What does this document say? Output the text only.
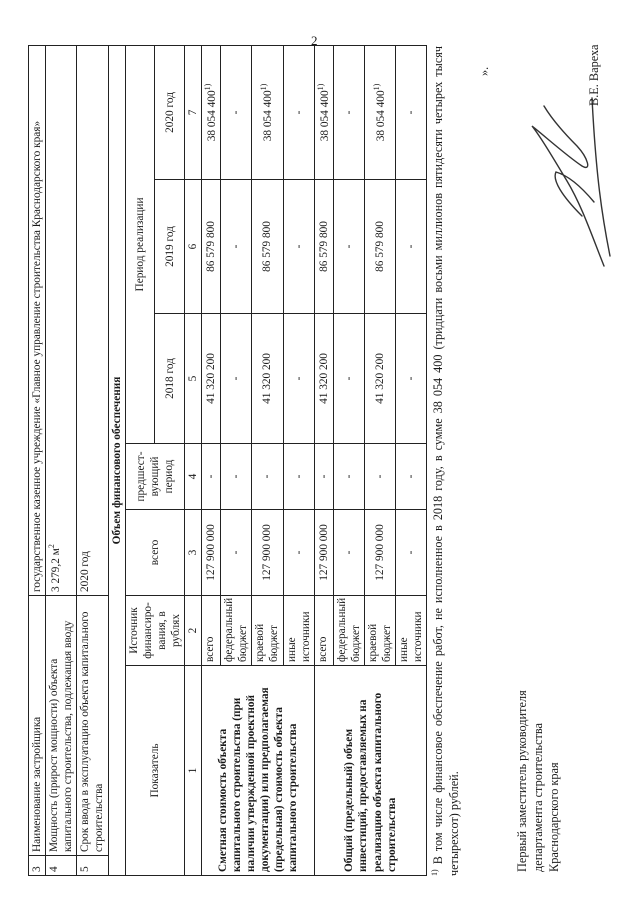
2
3	Наименование застройщика		государственное казенное учреждение «Главное управление строительства Краснодарского края»				
4	Мощность (прирост мощности) объекта капитального строительства, подлежащая вводу		3 279,2 $м^2$
5	Срок ввода в эксплуатацию объекта капитального строительства		2020 год				
Объем финансового обеспечения							
Показатель		Источник финансиро-вания, в рублях	всего	предшест-вующий период	Период реализации		
					2018 год	2019 год	2020 год
1		2	3	4	5	6	7
Сметная стоимость объекта капитального строительства (при наличии утвержденной проектной документации) или предполагаемая (предельная) стоимость объекта капитального строительства		всего	127 900 000	-	41 320 200	86 579 800	38 054 400$^{1)}$
		федеральный бюджет	-	-	-	-	-
		краевой бюджет	127 900 000	-	41 320 200	86 579 800	38 054 400$^{1)}$
		иные источники	-	-	-	-	-
Общий (предельный) объем инвестиций, предоставляемых на реализацию объекта капитального строительства		всего	127 900 000	-	41 320 200	86 579 800	38 054 400$^{1)}$
		федеральный бюджет	-	-	-	-	-
		краевой бюджет	127 900 000	-	41 320 200	86 579 800	38 054 400$^{1)}$
		иные источники	-	-	-	-	-
$^{1)}$ В том числе финансовое обеспечение работ, не исполненное в 2018 году, в сумме 38 054 400 (тридцати восьми миллионов пятидесяти четырех тысяч четырехсот) рублей.
».
Первый заместитель руководителя департамента строительства Краснодарского края
В.Е. Вареха
